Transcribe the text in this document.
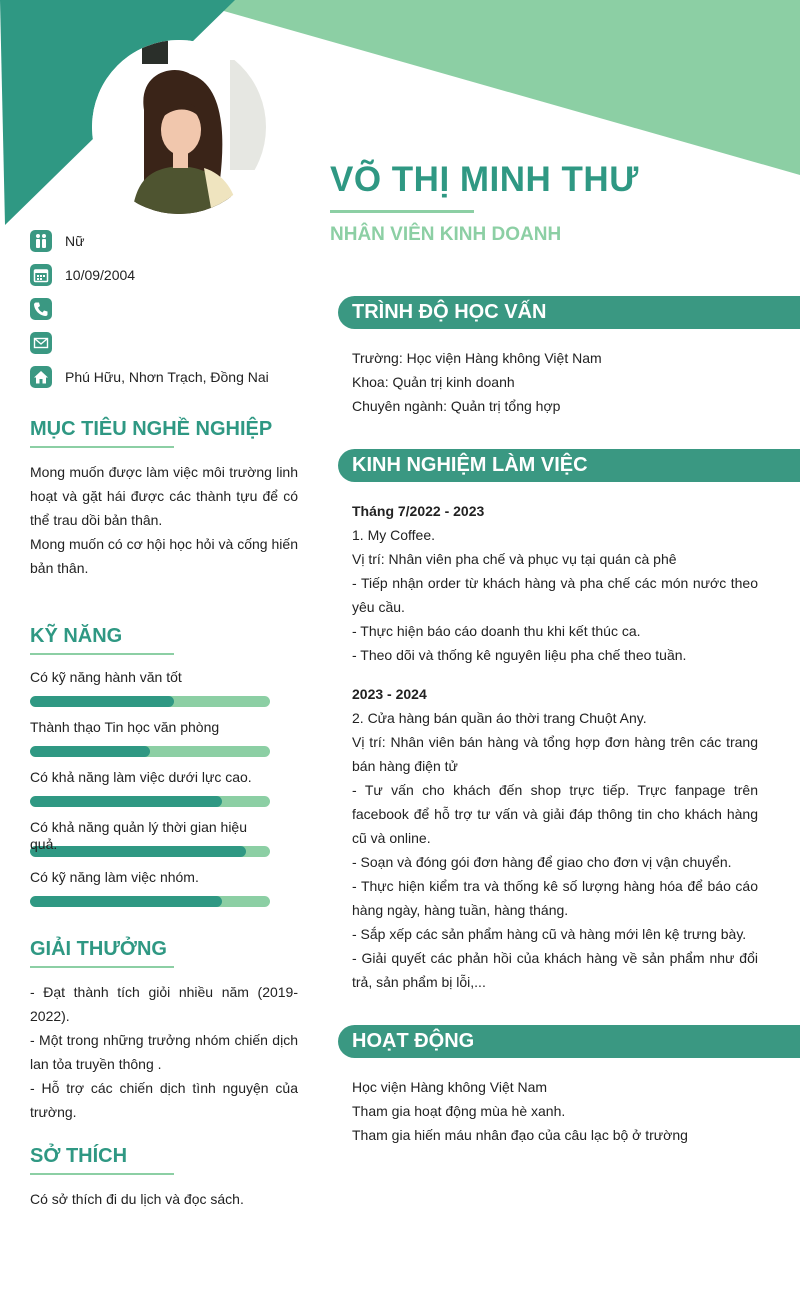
VÕ THỊ MINH THƯ
NHÂN VIÊN KINH DOANH
Nữ
10/09/2004
Phú Hữu, Nhơn Trạch, Đồng Nai
MỤC TIÊU NGHỀ NGHIỆP

Mong muốn được làm việc môi trường linh hoạt và gặt hái được các thành tựu để có thể trau dồi bản thân.

Mong muốn có cơ hội học hỏi và cống hiến bản thân.

KỸ NĂNG
Có kỹ năng hành văn tốt
Thành thạo Tin học văn phòng
Có khả năng làm việc dưới lực cao.
Có khả năng quản lý thời gian hiệu quả.
Có kỹ năng làm việc nhóm.
GIẢI THƯỞNG

- Đạt thành tích giỏi nhiều năm (2019-2022).

- Một trong những trưởng nhóm chiến dịch lan tỏa truyền thông .

- Hỗ trợ các chiến dịch tình nguyện của trường.

SỞ THÍCH

Có sở thích đi du lịch và đọc sách.

TRÌNH ĐỘ HỌC VẤN

Trường: Học viện Hàng không Việt Nam

Khoa: Quản trị kinh doanh

Chuyên ngành: Quản trị tổng hợp

KINH NGHIỆM LÀM VIỆC

Tháng 7/2022 - 2023

1. My Coffee.

Vị trí: Nhân viên pha chế và phục vụ tại quán cà phê

- Tiếp nhận order từ khách hàng và pha chế các món nước theo yêu cầu.

- Thực hiện báo cáo doanh thu khi kết thúc ca.

- Theo dõi và thống kê nguyên liệu pha chế theo tuần.

2023 - 2024

2. Cửa hàng bán quần áo thời trang Chuột Any.

Vị trí: Nhân viên bán hàng và tổng hợp đơn hàng trên các trang bán hàng điện tử

- Tư vấn cho khách đến shop trực tiếp. Trực fanpage trên facebook để hỗ trợ tư vấn và giải đáp thông tin cho khách hàng cũ và online.

- Soạn và đóng gói đơn hàng để giao cho đơn vị vận chuyển.

- Thực hiện kiểm tra và thống kê số lượng hàng hóa để báo cáo hàng ngày, hàng tuần, hàng tháng.

- Sắp xếp các sản phẩm hàng cũ và hàng mới lên kệ trưng bày.

- Giải quyết các phản hồi của khách hàng về sản phẩm như đổi trả, sản phẩm bị lỗi,...

HOẠT ĐỘNG

Học viện Hàng không Việt Nam

Tham gia hoạt động mùa hè xanh.

Tham gia hiến máu nhân đạo của câu lạc bộ ở trường
